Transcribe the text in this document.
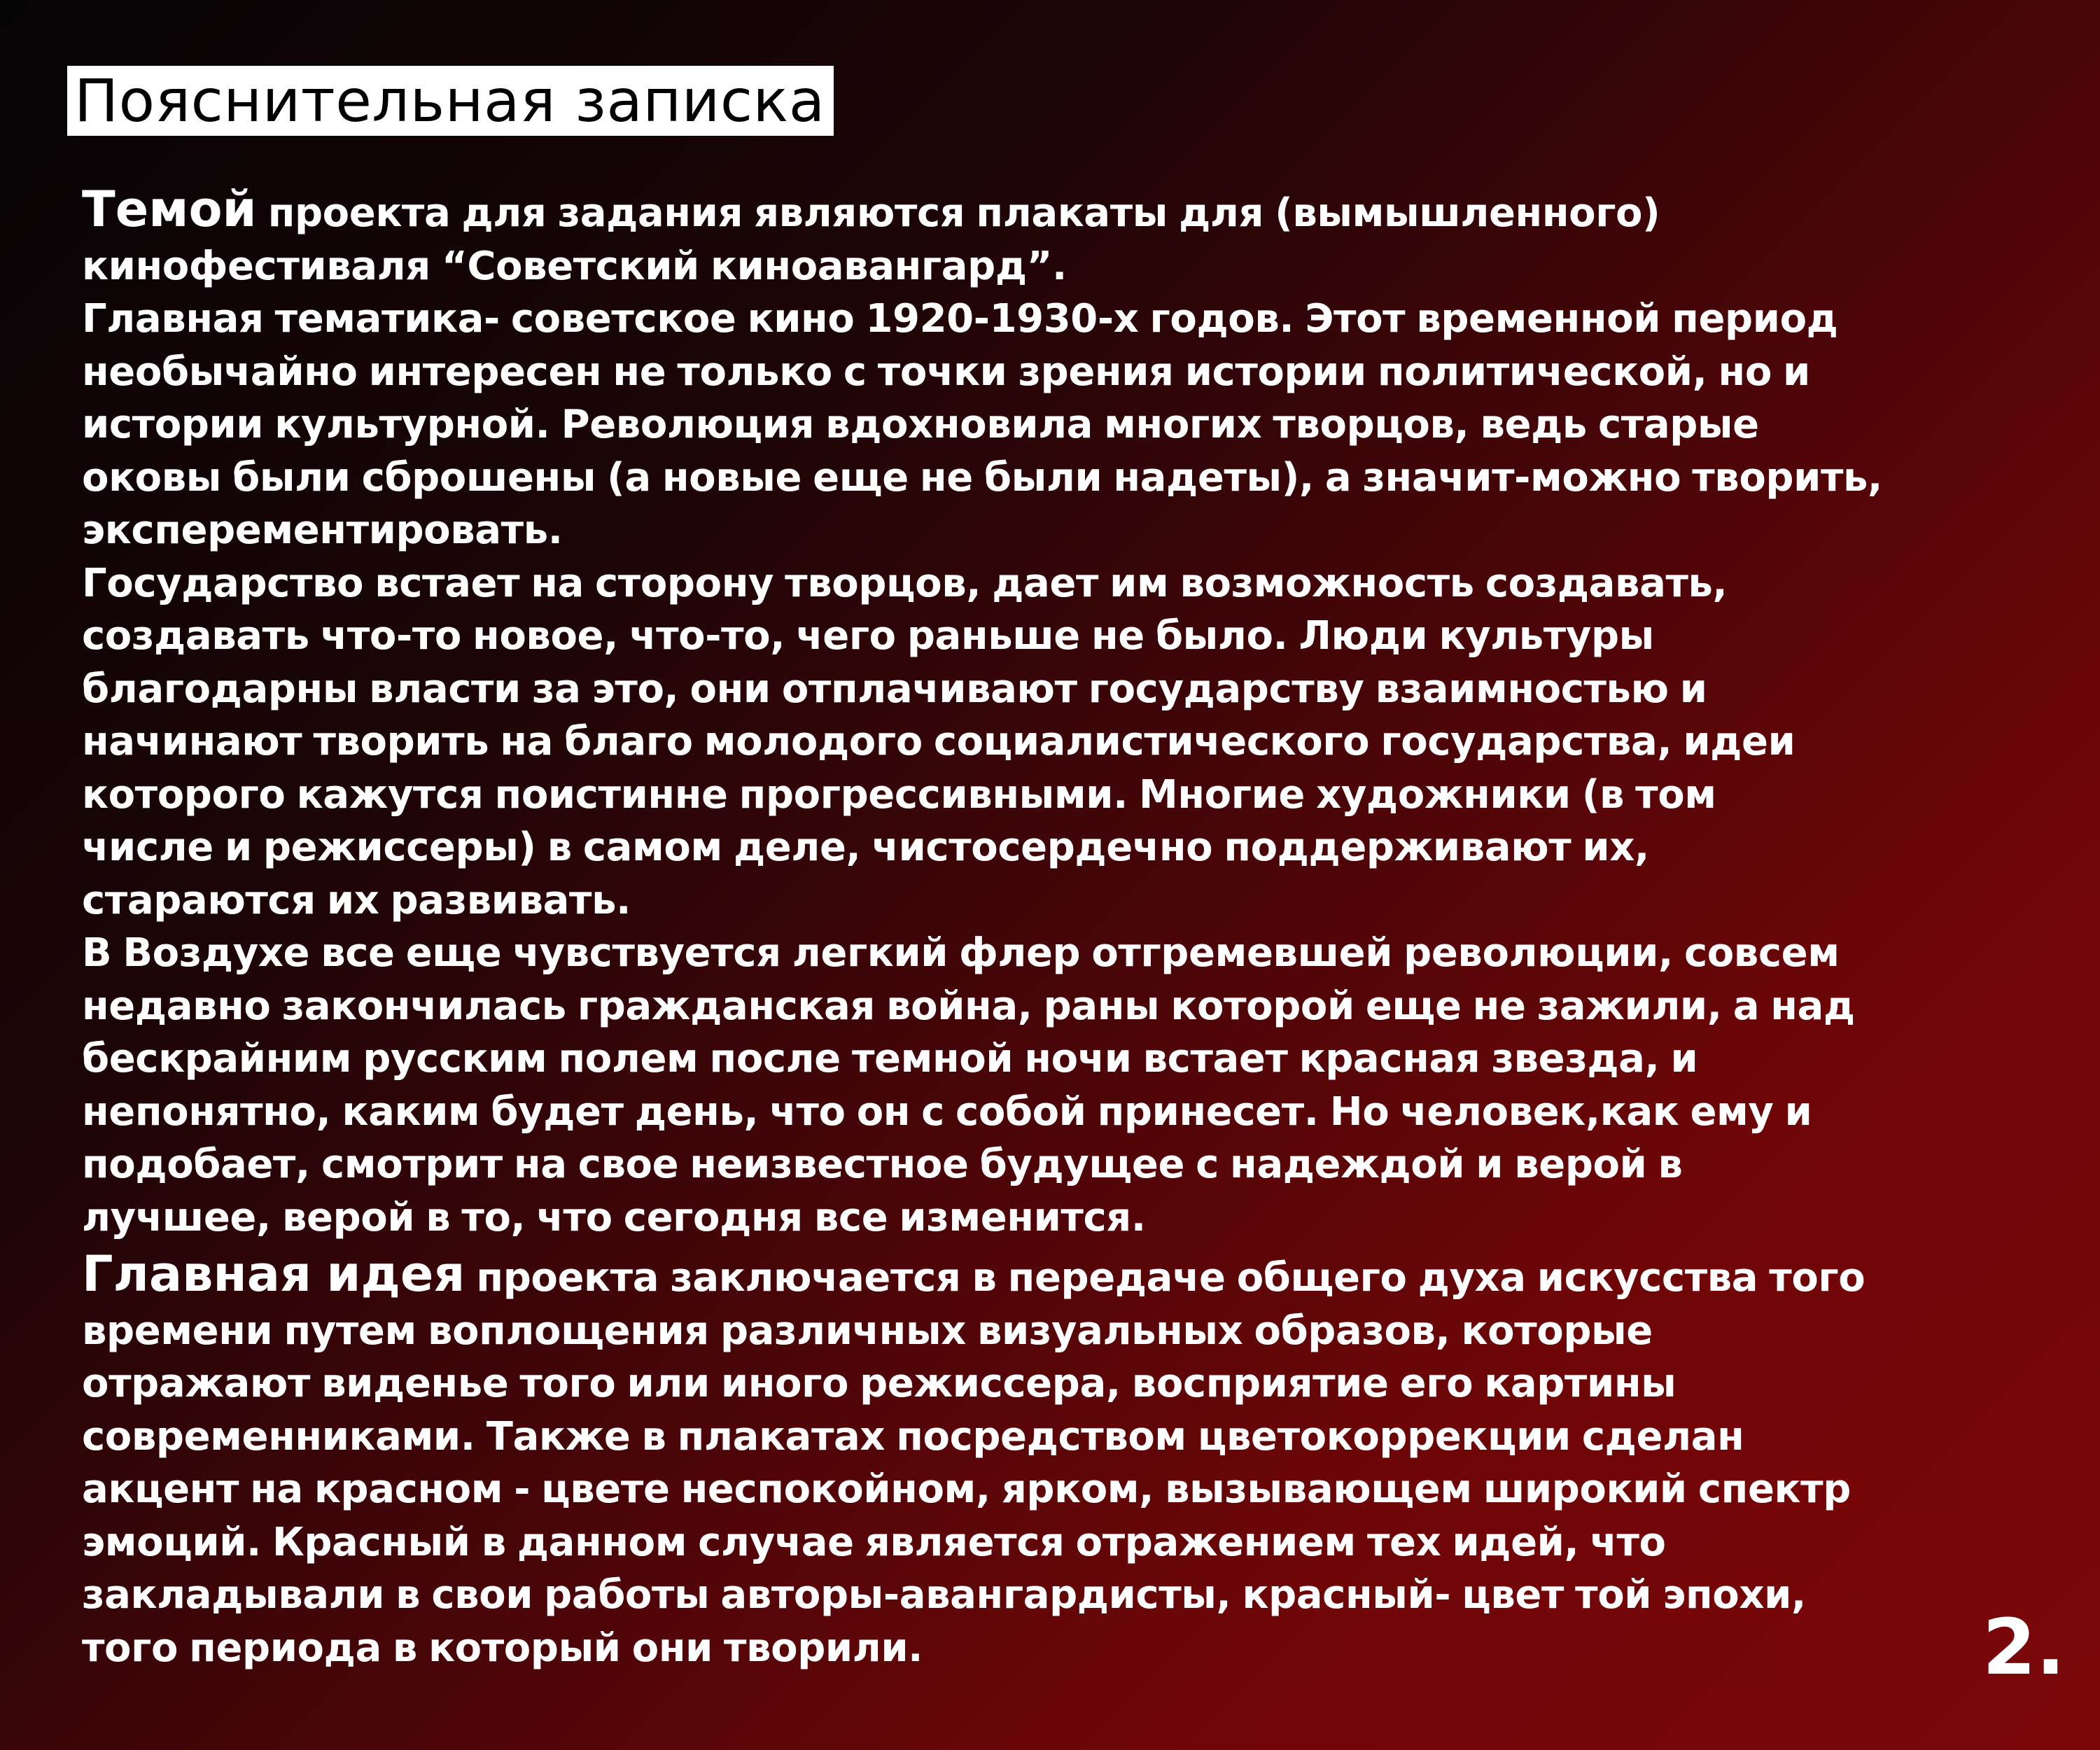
Пояснительная записка
Темой проекта для задания являются плакаты для (вымышленного)
кинофестиваля “Советский киноавангард”.
Главная тематика- советское кино 1920-1930-х годов. Этот временной период
необычайно интересен не только с точки зрения истории политической, но и
истории культурной. Революция вдохновила многих творцов, ведь старые
оковы были сброшены (а новые еще не были надеты), а значит-можно творить,
эксперементировать.
Государство встает на сторону творцов, дает им возможность создавать,
создавать что-то новое, что-то, чего раньше не было. Люди культуры
благодарны власти за это, они отплачивают государству взаимностью и
начинают творить на благо молодого социалистического государства, идеи
которого кажутся поистинне прогрессивными. Многие художники (в том
числе и режиссеры) в самом деле, чистосердечно поддерживают их,
стараются их развивать.
В Воздухе все еще чувствуется легкий флер отгремевшей революции, совсем
недавно закончилась гражданская война, раны которой еще не зажили, а над
бескрайним русским полем после темной ночи встает красная звезда, и
непонятно, каким будет день, что он с собой принесет. Но человек,как ему и
подобает, смотрит на свое неизвестное будущее с надеждой и верой в
лучшее, верой в то, что сегодня все изменится.
Главная идея проекта заключается в передаче общего духа искусства того
времени путем воплощения различных визуальных образов, которые
отражают виденье того или иного режиссера, восприятие его картины
современниками. Также в плакатах посредством цветокоррекции сделан
акцент на красном - цвете неспокойном, ярком, вызывающем широкий спектр
эмоций. Красный в данном случае является отражением тех идей, что
закладывали в свои работы авторы-авангардисты, красный- цвет той эпохи,
того периода в который они творили.	2.
